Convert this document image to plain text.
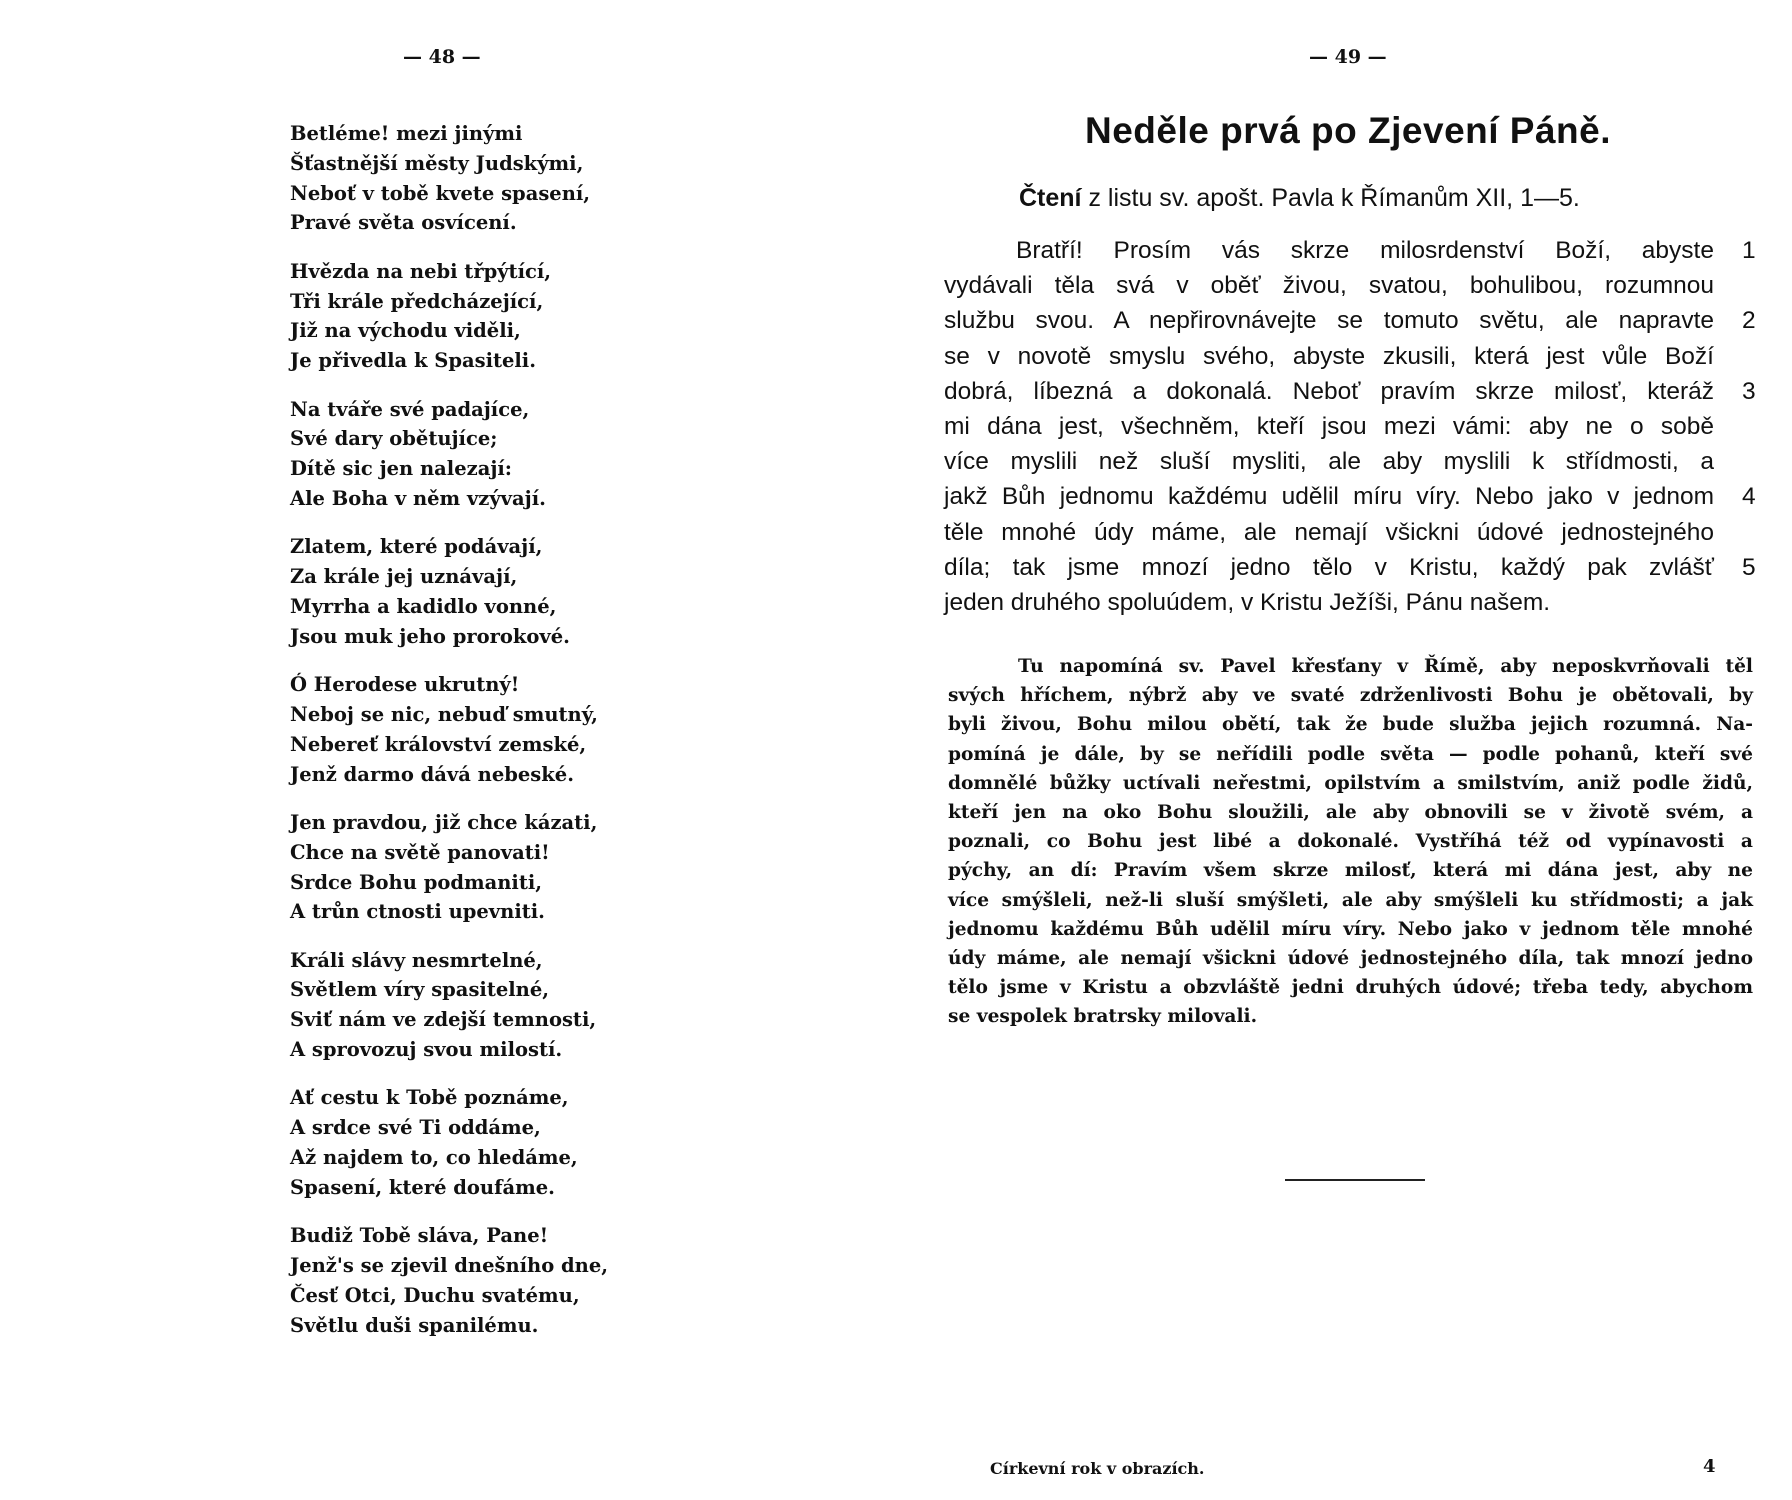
— 48 —
Betléme! mezi jinými
Šťastnější městy Judskými,
Neboť v tobě kvete spasení,
Pravé světa osvícení.
Hvězda na nebi třpýtící,
Tři krále předcházející,
Již na východu viděli,
Je přivedla k Spasiteli.
Na tváře své padajíce,
Své dary obětujíce;
Dítě sic jen nalezají:
Ale Boha v něm vzývají.
Zlatem, které podávají,
Za krále jej uznávají,
Myrrha a kadidlo vonné,
Jsou muk jeho prorokové.
Ó Herodese ukrutný!
Neboj se nic, nebuď smutný,
Nebereť království zemské,
Jenž darmo dává nebeské.
Jen pravdou, již chce kázati,
Chce na světě panovati!
Srdce Bohu podmaniti,
A trůn ctnosti upevniti.
Králi slávy nesmrtelné,
Světlem víry spasitelné,
Sviť nám ve zdejší temnosti,
A sprovozuj svou milostí.
Ať cestu k Tobě poznáme,
A srdce své Ti oddáme,
Až najdem to, co hledáme,
Spasení, které doufáme.
Budiž Tobě sláva, Pane!
Jenž's se zjevil dnešního dne,
Česť Otci, Duchu svatému,
Světlu duši spanilému.
— 49 —
Neděle prvá po Zjevení Páně.
Čtení z listu sv. apošt. Pavla k Římanům XII, 1—5.
Bratří! Prosím vás skrze milosrdenství Boží, abyste 1
vydávali těla svá v oběť živou, svatou, bohulibou, rozumnou
službu svou. A nepřirovnávejte se tomuto světu, ale napravte 2
se v novotě smyslu svého, abyste zkusili, která jest vůle Boží
dobrá, líbezná a dokonalá. Neboť pravím skrze milosť, kteráž 3
mi dána jest, všechněm, kteří jsou mezi vámi: aby ne o sobě
více myslili než sluší mysliti, ale aby myslili k střídmosti, a
jakž Bůh jednomu každému udělil míru víry. Nebo jako v jednom 4
těle mnohé údy máme, ale nemají všickni údové jednostejného
díla; tak jsme mnozí jedno tělo v Kristu, každý pak zvlášť 5
jeden druhého spoluúdem, v Kristu Ježíši, Pánu našem.
Tu napomíná sv. Pavel křesťany v Římě, aby neposkvrňovali těl
svých hříchem, nýbrž aby ve svaté zdrženlivosti Bohu je obětovali, by
byli živou, Bohu milou obětí, tak že bude služba jejich rozumná. Na-
pomíná je dále, by se neřídili podle světa — podle pohanů, kteří své
domnělé bůžky uctívali neřestmi, opilstvím a smilstvím, aniž podle židů,
kteří jen na oko Bohu sloužili, ale aby obnovili se v životě svém, a
poznali, co Bohu jest libé a dokonalé. Vystříhá též od vypínavosti a
pýchy, an dí: Pravím všem skrze milosť, která mi dána jest, aby ne
více smýšleli, než-li sluší smýšleti, ale aby smýšleli ku střídmosti; a jak
jednomu každému Bůh udělil míru víry. Nebo jako v jednom těle mnohé
údy máme, ale nemají všickni údové jednostejného díla, tak mnozí jedno
tělo jsme v Kristu a obzvláště jedni druhých údové; třeba tedy, abychom
se vespolek bratrsky milovali.
Církevní rok v obrazích.	4
